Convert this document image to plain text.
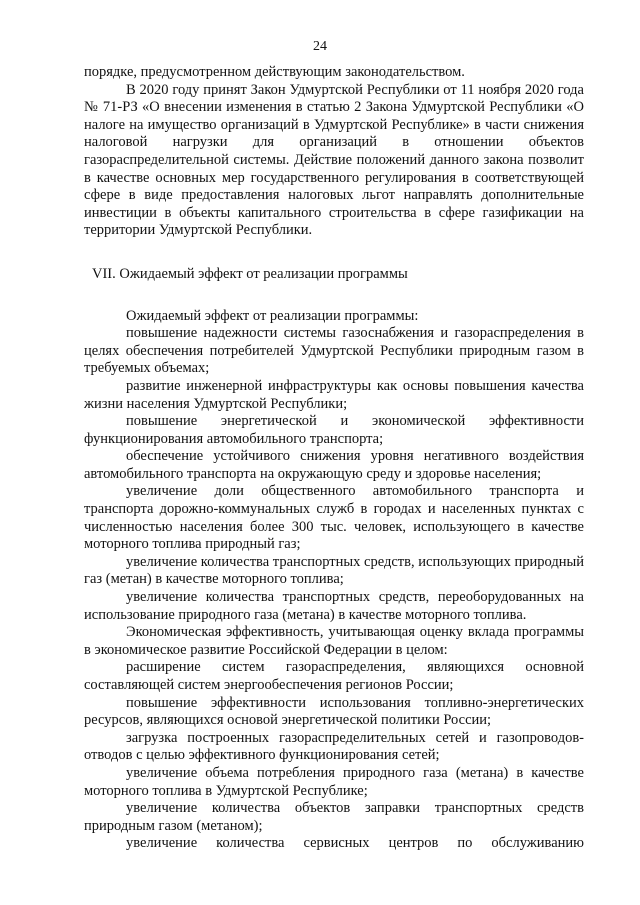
24

порядке, предусмотренном действующим законодательством.

В 2020 году принят Закон Удмуртской Республики от 11 ноября 2020 года № 71-РЗ «О внесении изменения в статью 2 Закона Удмуртской Республики «О налоге на имущество организаций в Удмуртской Республике» в части снижения налоговой нагрузки для организаций в отношении объектов газораспределительной системы. Действие положений данного закона позволит в качестве основных мер государственного регулирования в соответствующей сфере в виде предоставления налоговых льгот направлять дополнительные инвестиции в объекты капитального строительства в сфере газификации на территории Удмуртской Республики.

VII. Ожидаемый эффект от реализации программы

Ожидаемый эффект от реализации программы:

повышение надежности системы газоснабжения и газораспределения в целях обеспечения потребителей Удмуртской Республики природным газом в требуемых объемах;

развитие инженерной инфраструктуры как основы повышения качества жизни населения Удмуртской Республики;

повышение энергетической и экономической эффективности функционирования автомобильного транспорта;

обеспечение устойчивого снижения уровня негативного воздействия автомобильного транспорта на окружающую среду и здоровье населения;

увеличение доли общественного автомобильного транспорта и транспорта дорожно-коммунальных служб в городах и населенных пунктах с численностью населения более 300 тыс. человек, использующего в качестве моторного топлива природный газ;

увеличение количества транспортных средств, использующих природный газ (метан) в качестве моторного топлива;

увеличение количества транспортных средств, переоборудованных на использование природного газа (метана) в качестве моторного топлива.

Экономическая эффективность, учитывающая оценку вклада программы в экономическое развитие Российской Федерации в целом:

расширение систем газораспределения, являющихся основной составляющей систем энергообеспечения регионов России;

повышение эффективности использования топливно-энергетических ресурсов, являющихся основой энергетической политики России;

загрузка построенных газораспределительных сетей и газопроводов-отводов с целью эффективного функционирования сетей;

увеличение объема потребления природного газа (метана) в качестве моторного топлива в Удмуртской Республике;

увеличение количества объектов заправки транспортных средств природным газом (метаном);

увеличение количества сервисных центров по обслуживанию
